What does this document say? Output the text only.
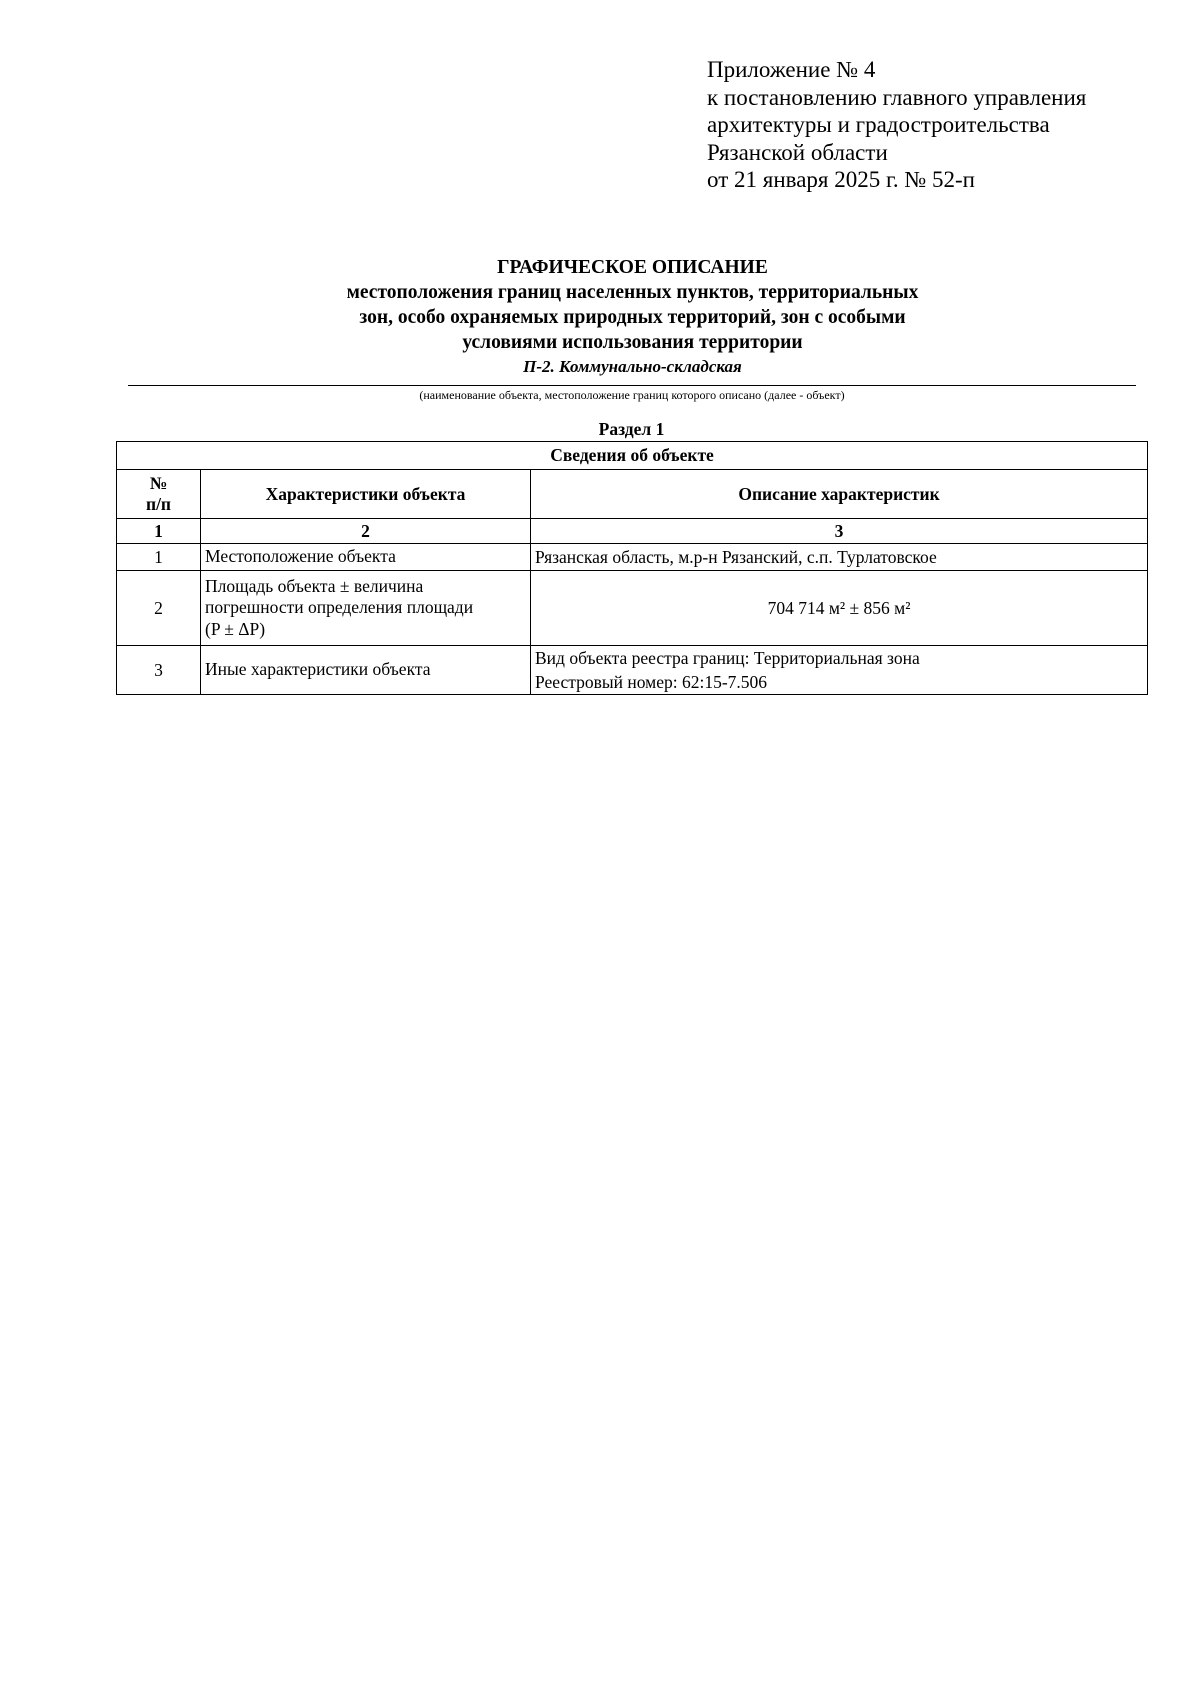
Приложение № 4
к постановлению главного управления
архитектуры и градостроительства
Рязанской области
от 21 января 2025 г. № 52-п
ГРАФИЧЕСКОЕ ОПИСАНИЕ
местоположения границ населенных пунктов, территориальных
зон, особо охраняемых природных территорий, зон с особыми
условиями использования территории
П-2. Коммунально-складская
(наименование объекта, местоположение границ которого описано (далее - объект)
Раздел 1
Сведения об объекте		

№
п/п	Характеристики объекта	Описание характеристик
1	2	3
1	Местоположение объекта	Рязанская область, м.р-н Рязанский, с.п. Турлатовское
2	Площадь объекта ± величина
погрешности определения площади
(P ± ΔP)	704 714 м² ± 856 м²
3	Иные характеристики объекта	Вид объекта реестра границ: Территориальная зона
Реестровый номер: 62:15-7.506
